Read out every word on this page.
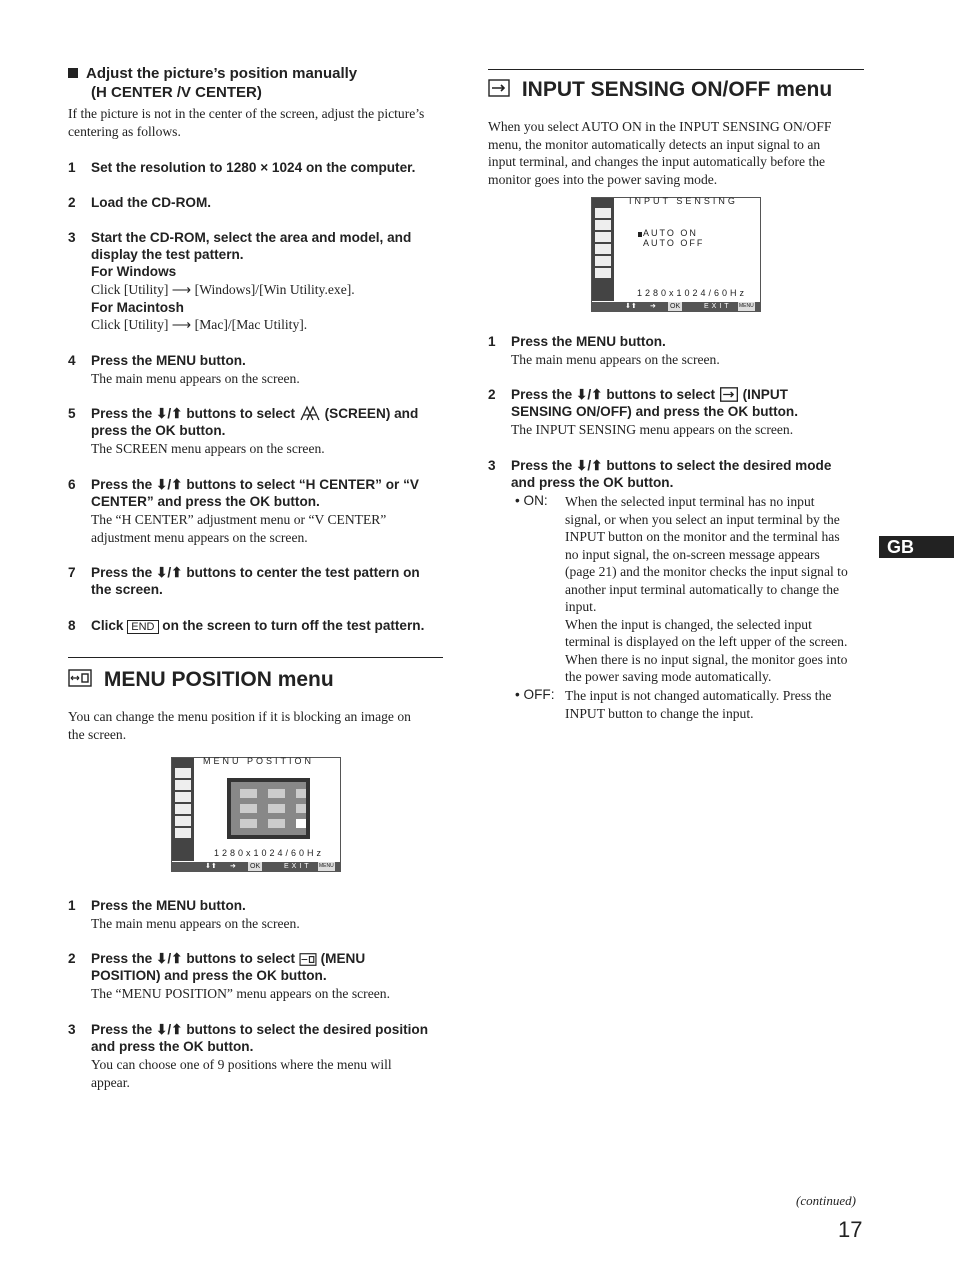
Adjust the picture’s position manually
(H CENTER /V CENTER)
If the picture is not in the center of the screen, adjust the picture’s
centering as follows.
1 Set the resolution to 1280 × 1024 on the computer.
2 Load the CD-ROM.
3	Start the CD-ROM, select the area and model, and
display the test pattern.
For Windows
Click [Utility] ⟶ [Windows]/[Win Utility.exe].
For Macintosh
Click [Utility] ⟶ [Mac]/[Mac Utility].
4 Press the MENU button.
The main menu appears on the screen.
5	Press the ⬇/⬆ buttons to select  (SCREEN) and
press the OK button.
The SCREEN menu appears on the screen.
6	Press the ⬇/⬆ buttons to select “H CENTER” or “V
CENTER” and press the OK button.
The “H CENTER” adjustment menu or “V CENTER”
adjustment menu appears on the screen.
7	Press the ⬇/⬆ buttons to center the test pattern on
the screen.
8 Click END on the screen to turn off the test pattern.
MENU POSITION menu
You can change the menu position if it is blocking an image on
the screen.
MENU POSITION
1280x1024/60Hz
⬇⬆ ➜ OK	EXIT MENU
1 Press the MENU button.
The main menu appears on the screen.
2	Press the ⬇/⬆ buttons to select  (MENU
POSITION) and press the OK button.
The “MENU POSITION” menu appears on the screen.
3	Press the ⬇/⬆ buttons to select the desired position
and press the OK button.
You can choose one of 9 positions where the menu will
appear.
INPUT SENSING ON/OFF menu
When you select AUTO ON in the INPUT SENSING ON/OFF
menu, the monitor automatically detects an input signal to an
input terminal, and changes the input automatically before the
monitor goes into the power saving mode.
INPUT SENSING
AUTO ON
AUTO OFF
1280x1024/60Hz
⬇⬆ ➜ OK	EXIT MENU
1 Press the MENU button.
The main menu appears on the screen.
2	Press the ⬇/⬆ buttons to select  (INPUT
SENSING ON/OFF) and press the OK button.
The INPUT SENSING menu appears on the screen.
3	Press the ⬇/⬆ buttons to select the desired mode
and press the OK button.
• ON: When the selected input terminal has no input
signal, or when you select an input terminal by the
INPUT button on the monitor and the terminal has
no input signal, the on-screen message appears
(page 21) and the monitor checks the input signal to
another input terminal automatically to change the
input.
When the input is changed, the selected input
terminal is displayed on the left upper of the screen.
When there is no input signal, the monitor goes into
the power saving mode automatically.
• OFF: The input is not changed automatically. Press the
INPUT button to change the input.
GB
(continued)
17
